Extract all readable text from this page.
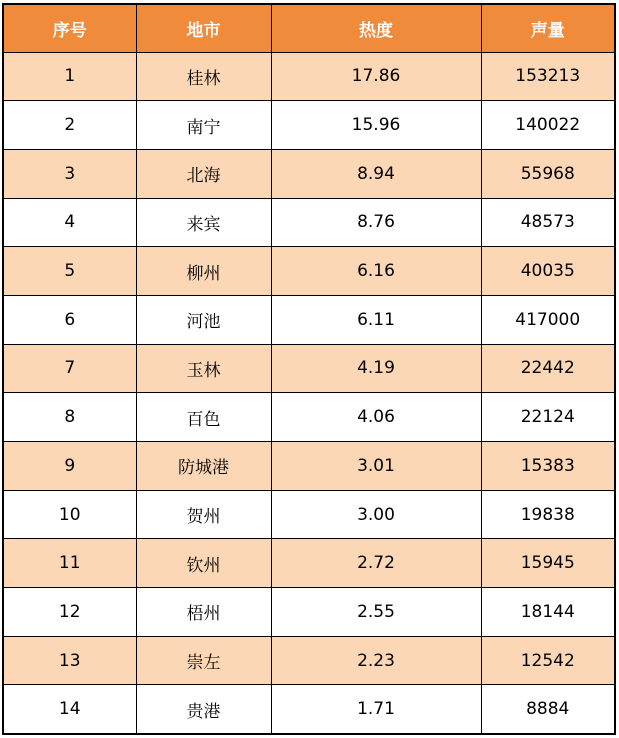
序号	地市	热度	声量
1	桂林	17.86	153213
2	南宁	15.96	140022
3	北海	8.94	55968
4	来宾	8.76	48573
5	柳州	6.16	40035
6	河池	6.11	417000
7	玉林	4.19	22442
8	百色	4.06	22124
9	防城港	3.01	15383
10	贺州	3.00	19838
11	钦州	2.72	15945
12	梧州	2.55	18144
13	崇左	2.23	12542
14	贵港	1.71	8884
